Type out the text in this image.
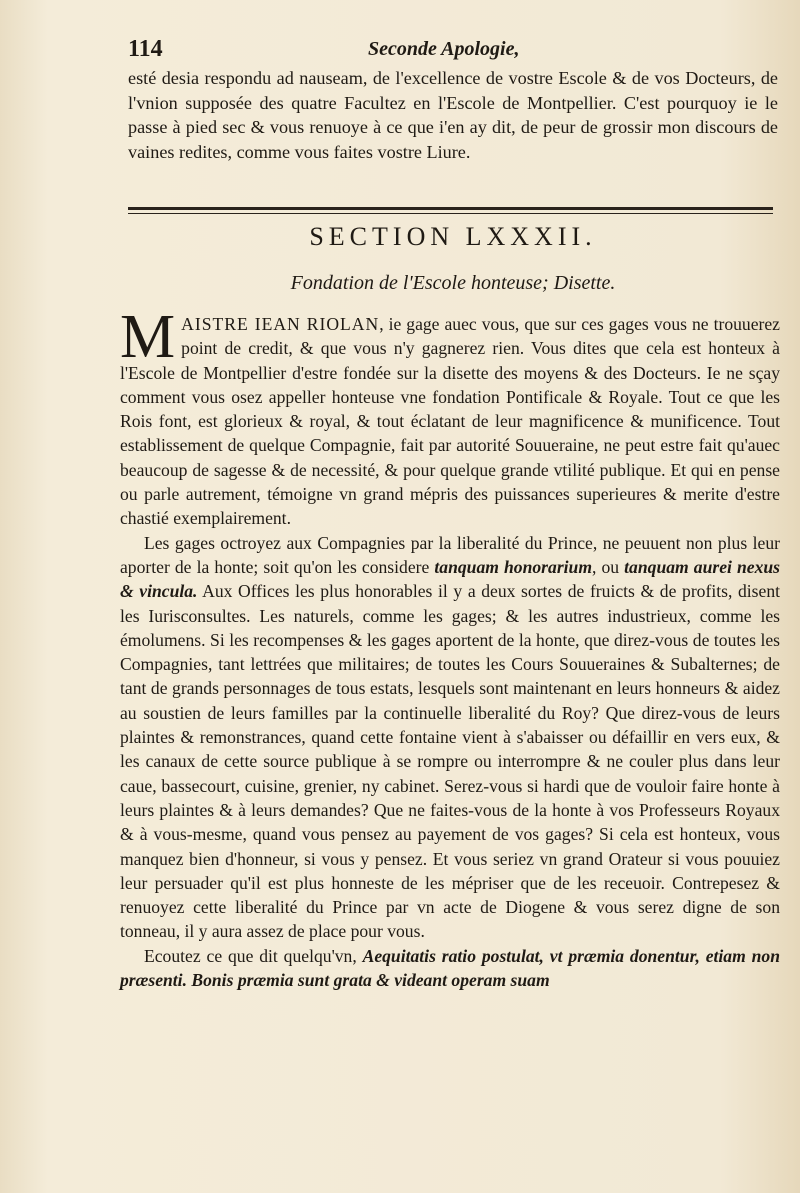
114	Seconde Apologie,
esté desia respondu ad nauseam, de l'excellence de vostre Escole & de vos Docteurs, de l'vnion supposée des quatre Facultez en l'Escole de Montpellier. C'est pourquoy ie le passe à pied sec & vous renuoye à ce que i'en ay dit, de peur de grossir mon discours de vaines redites, comme vous faites vostre Liure.
SECTION LXXXII.
Fondation de l'Escole honteuse; Disette.

MAISTRE IEAN RIOLAN, ie gage auec vous, que sur ces gages vous ne trouuerez point de credit, & que vous n'y gagnerez rien. Vous dites que cela est honteux à l'Escole de Montpellier d'estre fondée sur la disette des moyens & des Docteurs. Ie ne sçay comment vous osez appeller honteuse vne fondation Pontificale & Royale. Tout ce que les Rois font, est glorieux & royal, & tout éclatant de leur magnificence & munificence. Tout establissement de quelque Compagnie, fait par autorité Souueraine, ne peut estre fait qu'auec beaucoup de sagesse & de necessité, & pour quelque grande vtilité publique. Et qui en pense ou parle autrement, témoigne vn grand mépris des puissances superieures & merite d'estre chastié exemplairement.

Les gages octroyez aux Compagnies par la liberalité du Prince, ne peuuent non plus leur aporter de la honte; soit qu'on les considere tanquam honorarium, ou tanquam aurei nexus & vincula. Aux Offices les plus honorables il y a deux sortes de fruicts & de profits, disent les Iurisconsultes. Les naturels, comme les gages; & les autres industrieux, comme les émolumens. Si les recompenses & les gages aportent de la honte, que direz-vous de toutes les Compagnies, tant lettrées que militaires; de toutes les Cours Souueraines & Subalternes; de tant de grands personnages de tous estats, lesquels sont maintenant en leurs honneurs & aidez au soustien de leurs familles par la continuelle liberalité du Roy? Que direz-vous de leurs plaintes & remonstrances, quand cette fontaine vient à s'abaisser ou défaillir en vers eux, & les canaux de cette source publique à se rompre ou interrompre & ne couler plus dans leur caue, bassecourt, cuisine, grenier, ny cabinet. Serez-vous si hardi que de vouloir faire honte à leurs plaintes & à leurs demandes? Que ne faites-vous de la honte à vos Professeurs Royaux & à vous-mesme, quand vous pensez au payement de vos gages? Si cela est honteux, vous manquez bien d'honneur, si vous y pensez. Et vous seriez vn grand Orateur si vous pouuiez leur persuader qu'il est plus honneste de les mépriser que de les receuoir. Contrepesez & renuoyez cette liberalité du Prince par vn acte de Diogene & vous serez digne de son tonneau, il y aura assez de place pour vous.

Ecoutez ce que dit quelqu'vn, Aequitatis ratio postulat, vt præmia donentur, etiam non præsenti. Bonis præmia sunt grata & videant operam suam
